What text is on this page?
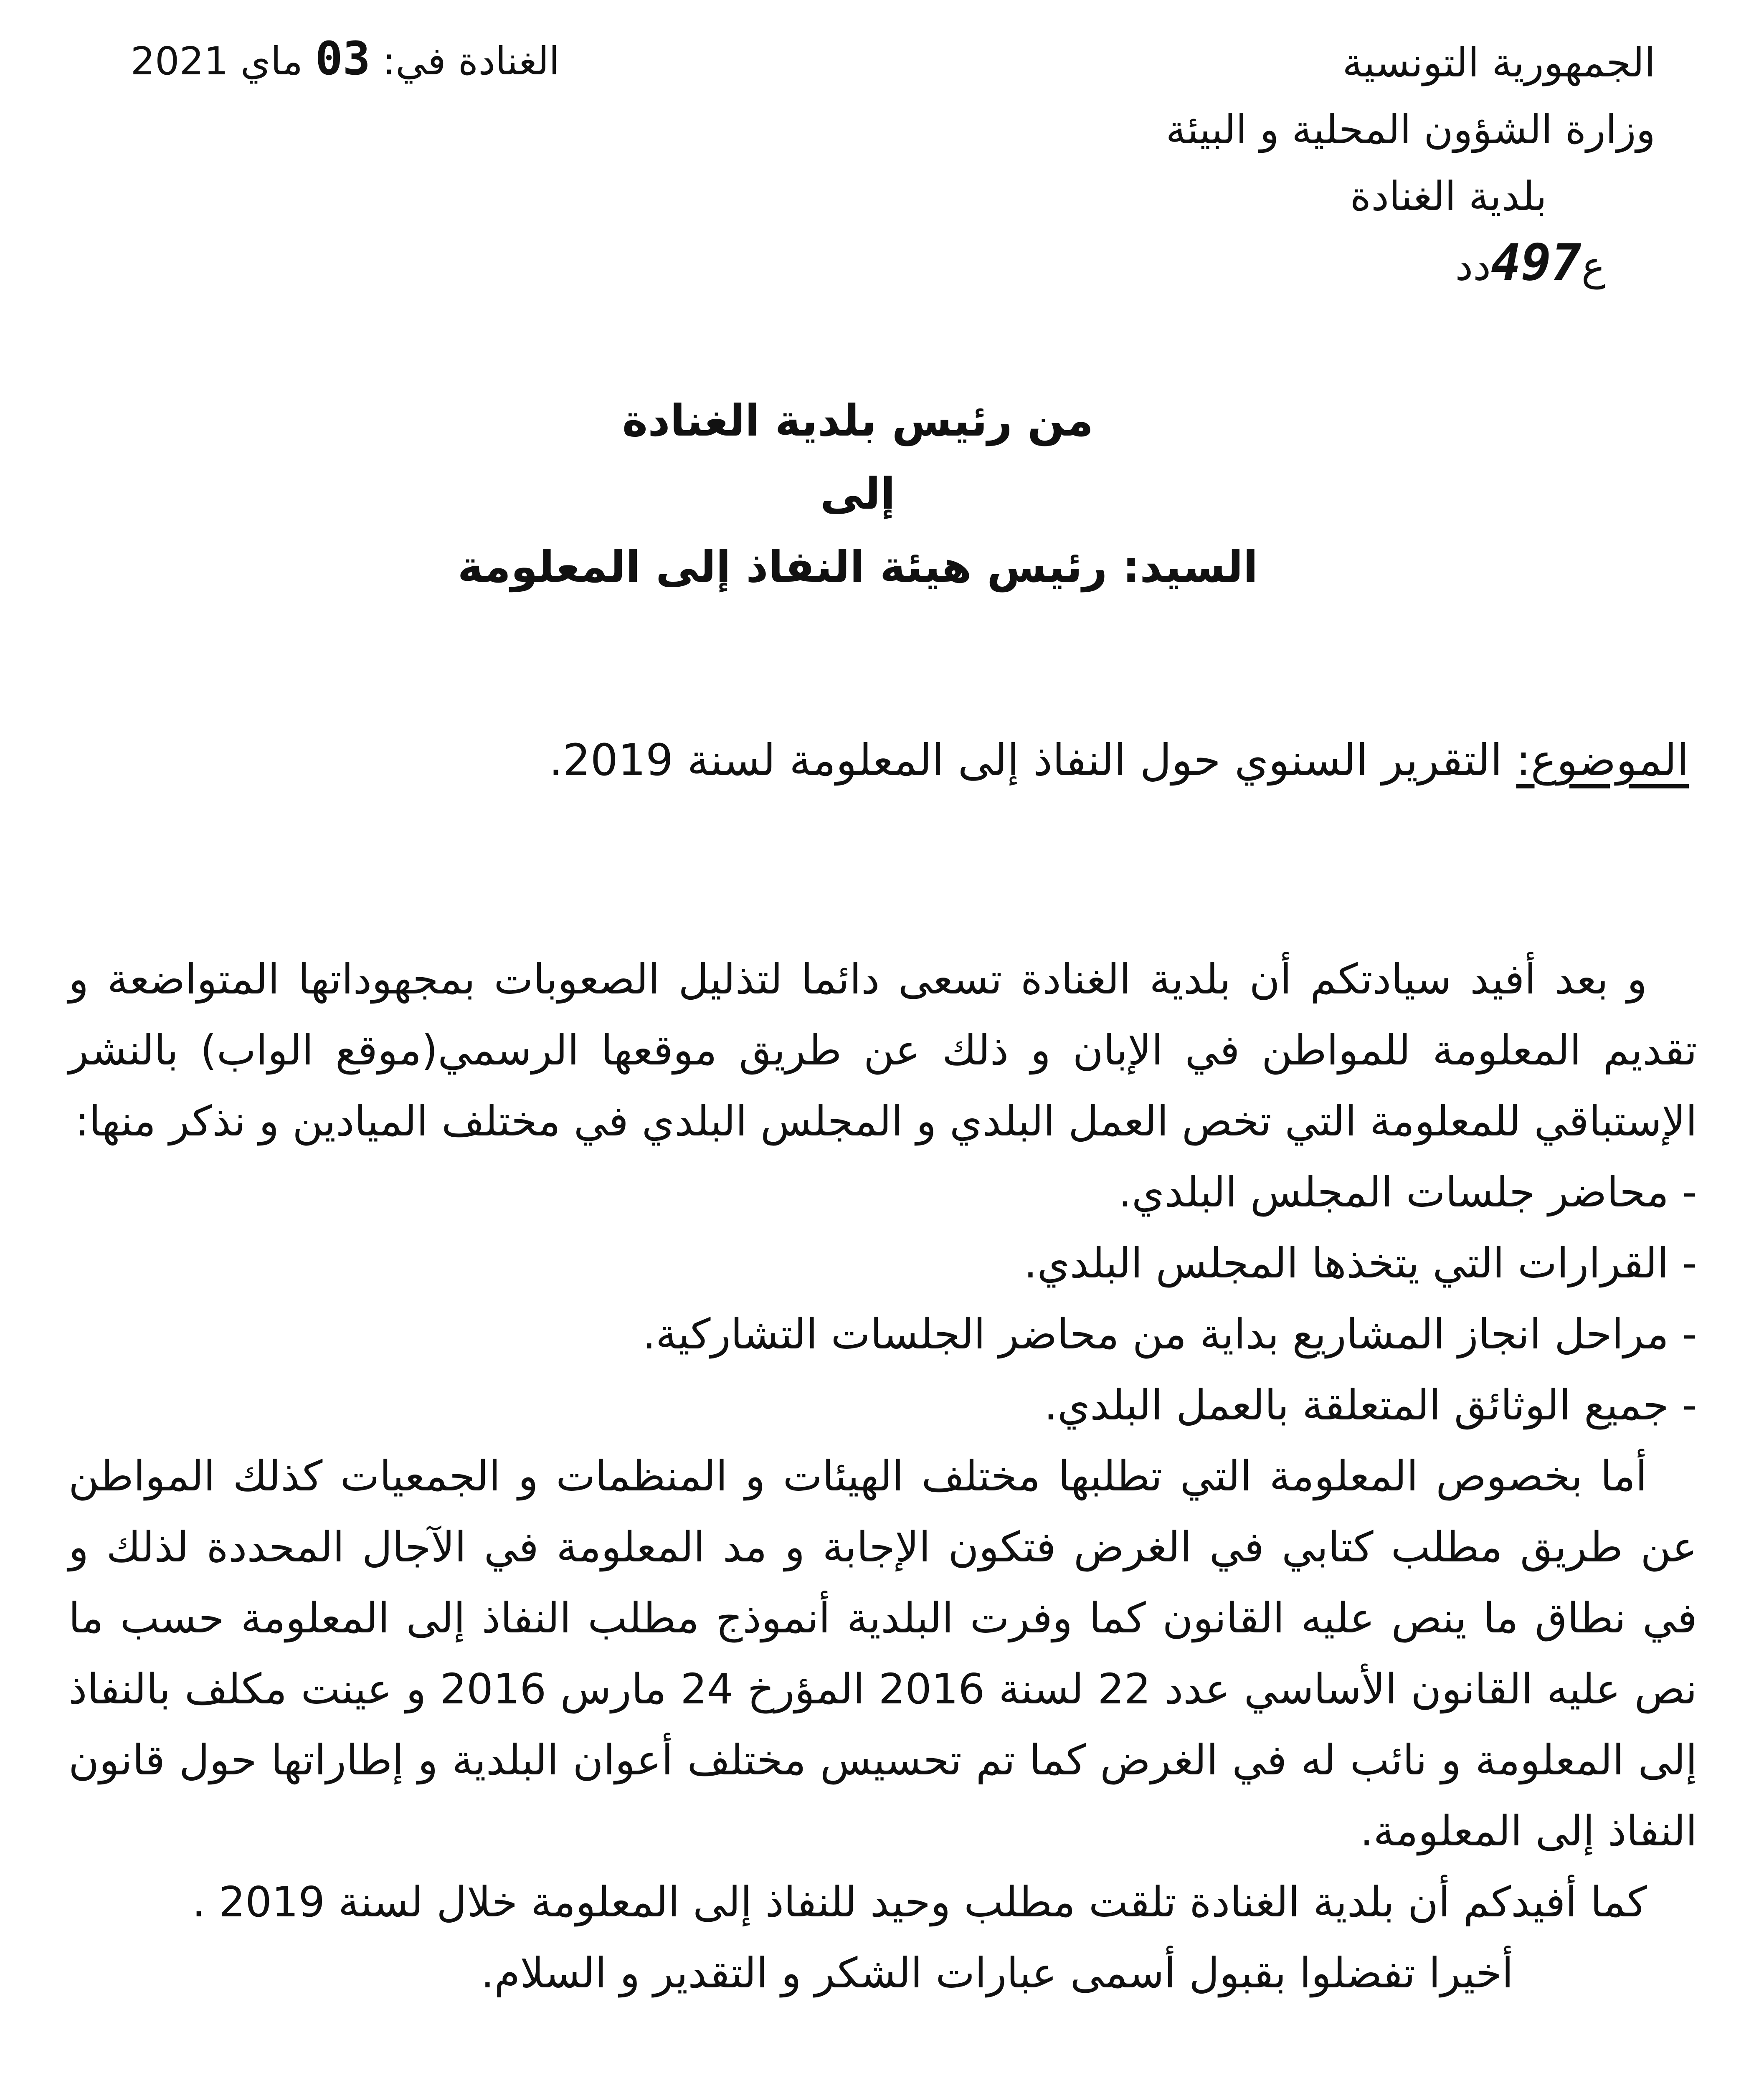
الجمهورية التونسية
وزارة الشؤون المحلية و البيئة
بلدية الغنادة
ع497دد
الغنادة في: 03 ماي 2021
من رئيس بلدية الغنادة
إلى
السيد: رئيس هيئة النفاذ إلى المعلومة
الموضوع: التقرير السنوي حول النفاذ إلى المعلومة لسنة 2019.

و بعد أفيد سيادتكم أن بلدية الغنادة تسعى دائما لتذليل الصعوبات بمجهوداتها المتواضعة و تقديم المعلومة للمواطن في الإبان و ذلك عن طريق موقعها الرسمي(موقع الواب) بالنشر الإستباقي للمعلومة التي تخص العمل البلدي و المجلس البلدي في مختلف الميادين و نذكر منها:

- محاضر جلسات المجلس البلدي.

- القرارات التي يتخذها المجلس البلدي.

- مراحل انجاز المشاريع بداية من محاضر الجلسات التشاركية.

- جميع الوثائق المتعلقة بالعمل البلدي.

أما بخصوص المعلومة التي تطلبها مختلف الهيئات و المنظمات و الجمعيات كذلك المواطن عن طريق مطلب كتابي في الغرض فتكون الإجابة و مد المعلومة في الآجال المحددة لذلك و في نطاق ما ينص عليه القانون كما وفرت البلدية أنموذج مطلب النفاذ إلى المعلومة حسب ما نص عليه القانون الأساسي عدد 22 لسنة 2016 المؤرخ 24 مارس 2016 و عينت مكلف بالنفاذ إلى المعلومة و نائب له في الغرض كما تم تحسيس مختلف أعوان البلدية و إطاراتها حول قانون النفاذ إلى المعلومة.

كما أفيدكم أن بلدية الغنادة تلقت مطلب وحيد للنفاذ إلى المعلومة خلال لسنة 2019 .

أخيرا تفضلوا بقبول أسمى عبارات الشكر و التقدير و السلام.
